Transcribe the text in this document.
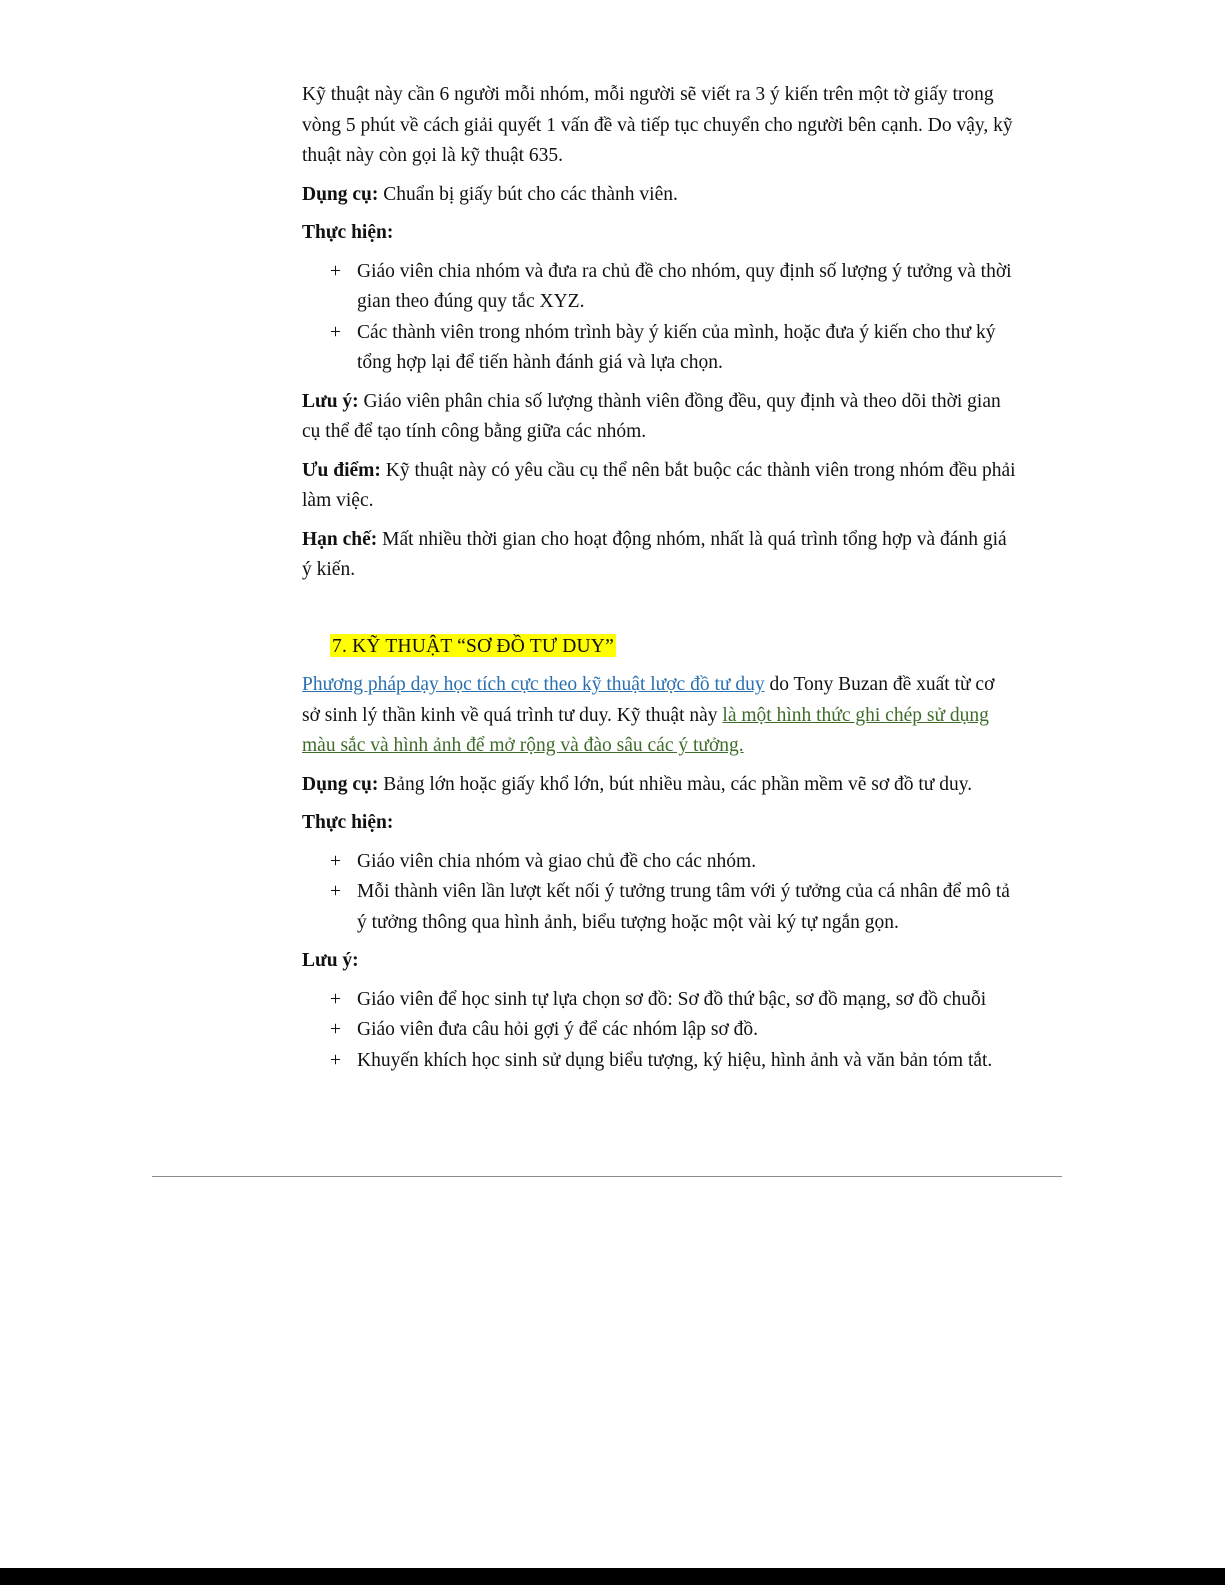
Kỹ thuật này cần 6 người mỗi nhóm, mỗi người sẽ viết ra 3 ý kiến trên một tờ giấy trong vòng 5 phút về cách giải quyết 1 vấn đề và tiếp tục chuyển cho người bên cạnh. Do vậy, kỹ thuật này còn gọi là kỹ thuật 635.

Dụng cụ: Chuẩn bị giấy bút cho các thành viên.

Thực hiện:

+ Giáo viên chia nhóm và đưa ra chủ đề cho nhóm, quy định số lượng ý tưởng và thời gian theo đúng quy tắc XYZ.
+ Các thành viên trong nhóm trình bày ý kiến của mình, hoặc đưa ý kiến cho thư ký tổng hợp lại để tiến hành đánh giá và lựa chọn.

Lưu ý: Giáo viên phân chia số lượng thành viên đồng đều, quy định và theo dõi thời gian cụ thể để tạo tính công bằng giữa các nhóm.

Ưu điểm: Kỹ thuật này có yêu cầu cụ thể nên bắt buộc các thành viên trong nhóm đều phải làm việc.

Hạn chế: Mất nhiều thời gian cho hoạt động nhóm, nhất là quá trình tổng hợp và đánh giá ý kiến.

7. KỸ THUẬT “SƠ ĐỒ TƯ DUY”

Phương pháp dạy học tích cực theo kỹ thuật lược đồ tư duy do Tony Buzan đề xuất từ cơ sở sinh lý thần kinh về quá trình tư duy. Kỹ thuật này là một hình thức ghi chép sử dụng màu sắc và hình ảnh để mở rộng và đào sâu các ý tưởng.

Dụng cụ: Bảng lớn hoặc giấy khổ lớn, bút nhiều màu, các phần mềm vẽ sơ đồ tư duy.

Thực hiện:

+ Giáo viên chia nhóm và giao chủ đề cho các nhóm.
+ Mỗi thành viên lần lượt kết nối ý tưởng trung tâm với ý tưởng của cá nhân để mô tả ý tưởng thông qua hình ảnh, biểu tượng hoặc một vài ký tự ngắn gọn.

Lưu ý:

+ Giáo viên để học sinh tự lựa chọn sơ đồ: Sơ đồ thứ bậc, sơ đồ mạng, sơ đồ chuỗi
+ Giáo viên đưa câu hỏi gợi ý để các nhóm lập sơ đồ.
+ Khuyến khích học sinh sử dụng biểu tượng, ký hiệu, hình ảnh và văn bản tóm tắt.
